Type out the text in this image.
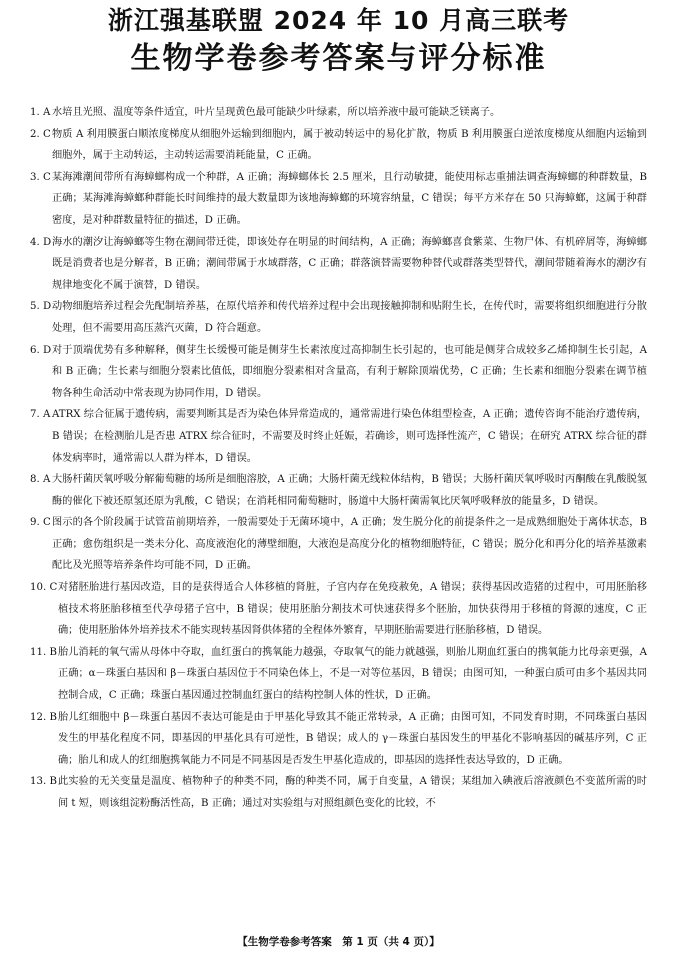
浙江强基联盟 2024 年 10 月高三联考
生物学卷参考答案与评分标准
1. A 水培且光照、温度等条件适宜，叶片呈现黄色最可能缺少叶绿素，所以培养液中最可能缺乏镁离子。
2. C 物质 A 利用膜蛋白顺浓度梯度从细胞外运输到细胞内，属于被动转运中的易化扩散，物质 B 利用膜蛋白逆浓度梯度从细胞内运输到细胞外，属于主动转运，主动转运需要消耗能量，C 正确。
3. C 某海滩潮间带所有海蟑螂构成一个种群，A 正确；海蟑螂体长 2.5 厘米，且行动敏捷，能使用标志重捕法调查海蟑螂的种群数量，B 正确；某海滩海蟑螂种群能长时间维持的最大数量即为该地海蟑螂的环境容纳量，C 错误；每平方米存在 50 只海蟑螂，这属于种群密度，是对种群数量特征的描述，D 正确。
4. D 海水的潮汐让海蟑螂等生物在潮间带迁徙，即该处存在明显的时间结构，A 正确；海蟑螂喜食紫菜、生物尸体、有机碎屑等，海蟑螂既是消费者也是分解者，B 正确；潮间带属于水域群落，C 正确；群落演替需要物种替代或群落类型替代，潮间带随着海水的潮汐有规律地变化不属于演替，D 错误。
5. D 动物细胞培养过程会先配制培养基，在原代培养和传代培养过程中会出现接触抑制和贴附生长，在传代时，需要将组织细胞进行分散处理，但不需要用高压蒸汽灭菌，D 符合题意。
6. D 对于顶端优势有多种解释，侧芽生长缓慢可能是侧芽生长素浓度过高抑制生长引起的，也可能是侧芽合成较多乙烯抑制生长引起，A 和 B 正确；生长素与细胞分裂素比值低，即细胞分裂素相对含量高，有利于解除顶端优势，C 正确；生长素和细胞分裂素在调节植物各种生命活动中常表现为协同作用，D 错误。
7. A ATRX 综合征属于遗传病，需要判断其是否为染色体异常造成的，通常需进行染色体组型检查，A 正确；遗传咨询不能治疗遗传病，B 错误；在检测胎儿是否患 ATRX 综合征时，不需要及时终止妊娠，若确诊，则可选择性流产，C 错误；在研究 ATRX 综合征的群体发病率时，通常需以人群为样本，D 错误。
8. A 大肠杆菌厌氧呼吸分解葡萄糖的场所是细胞溶胶，A 正确；大肠杆菌无线粒体结构，B 错误；大肠杆菌厌氧呼吸时丙酮酸在乳酸脱氢酶的催化下被还原氢还原为乳酸，C 错误；在消耗相同葡萄糖时，肠道中大肠杆菌需氧比厌氧呼吸释放的能量多，D 错误。
9. C 图示的各个阶段属于试管苗前期培养，一般需要处于无菌环境中，A 正确；发生脱分化的前提条件之一是成熟细胞处于离体状态，B 正确；愈伤组织是一类未分化、高度液泡化的薄壁细胞，大液泡是高度分化的植物细胞特征，C 错误；脱分化和再分化的培养基激素配比及光照等培养条件均可能不同，D 正确。
10. C 对猪胚胎进行基因改造，目的是获得适合人体移植的肾脏，子宫内存在免疫赦免，A 错误；获得基因改造猪的过程中，可用胚胎移植技术将胚胎移植至代孕母猪子宫中，B 错误；使用胚胎分割技术可快速获得多个胚胎，加快获得用于移植的肾源的速度，C 正确；使用胚胎体外培养技术不能实现转基因肾供体猪的全程体外繁育，早期胚胎需要进行胚胎移植，D 错误。
11. B 胎儿消耗的氧气需从母体中夺取，血红蛋白的携氧能力越强，夺取氧气的能力就越强，则胎儿期血红蛋白的携氧能力比母亲更强，A 正确；α－珠蛋白基因和 β－珠蛋白基因位于不同染色体上，不是一对等位基因，B 错误；由图可知，一种蛋白质可由多个基因共同控制合成，C 正确；珠蛋白基因通过控制血红蛋白的结构控制人体的性状，D 正确。
12. B 胎儿红细胞中 β－珠蛋白基因不表达可能是由于甲基化导致其不能正常转录，A 正确；由图可知，不同发育时期，不同珠蛋白基因发生的甲基化程度不同，即基因的甲基化具有可逆性，B 错误；成人的 γ－珠蛋白基因发生的甲基化不影响基因的碱基序列，C 正确；胎儿和成人的红细胞携氧能力不同是不同基因是否发生甲基化造成的，即基因的选择性表达导致的，D 正确。
13. B 此实验的无关变量是温度、植物种子的种类不同，酶的种类不同，属于自变量，A 错误；某组加入碘液后溶液颜色不变蓝所需的时间 t 短，则该组淀粉酶活性高，B 正确；通过对实验组与对照组颜色变化的比较，不
【生物学卷参考答案　第 1 页（共 4 页）】
